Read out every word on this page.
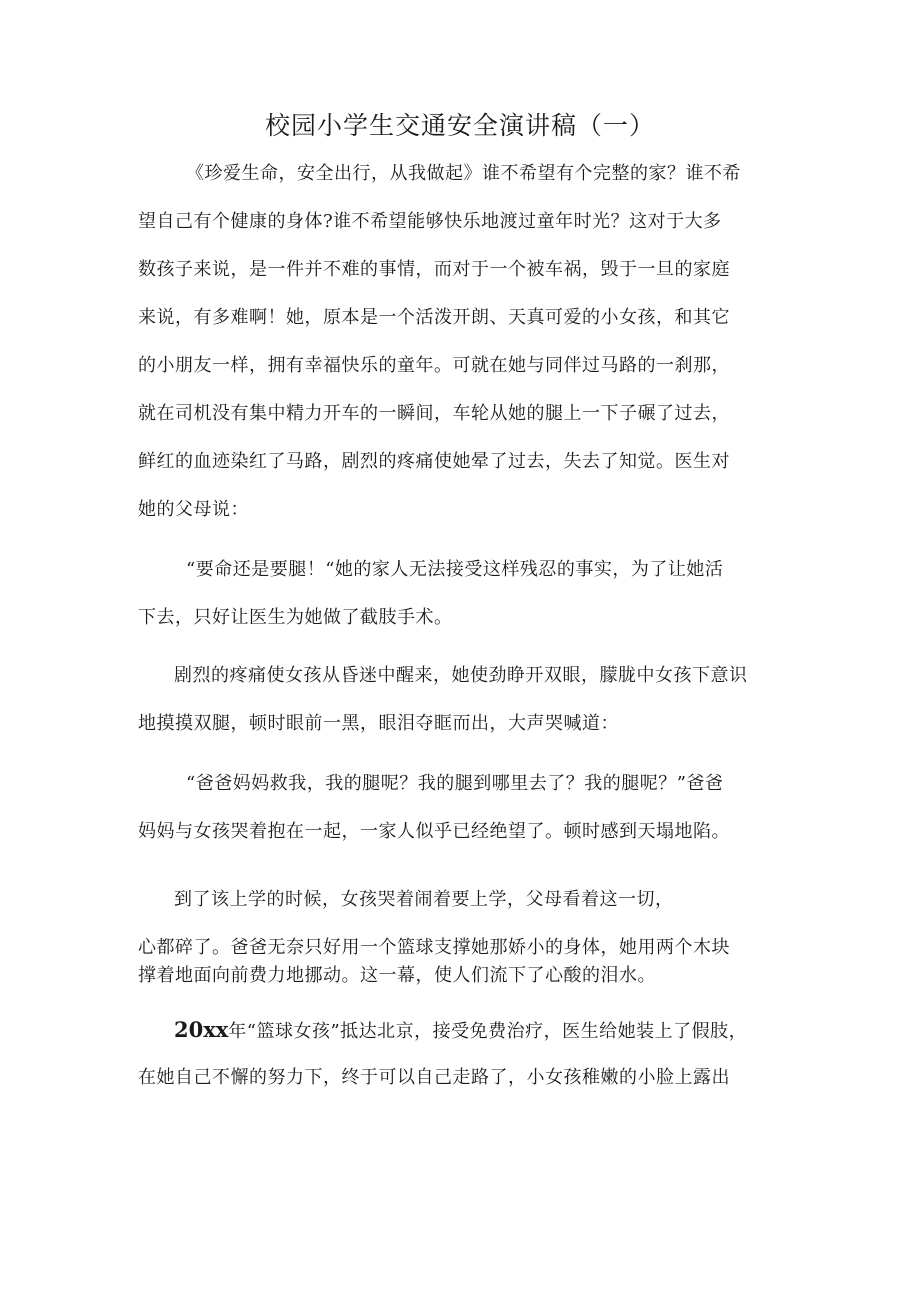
校园小学生交通安全演讲稿（一）
《珍爱生命，安全出行，从我做起》谁不希望有个完整的家？谁不希
望自己有个健康的身体?谁不希望能够快乐地渡过童年时光？这对于大多
数孩子来说，是一件并不难的事情，而对于一个被车祸，毁于一旦的家庭
来说，有多难啊！她，原本是一个活泼开朗、天真可爱的小女孩，和其它
的小朋友一样，拥有幸福快乐的童年。可就在她与同伴过马路的一刹那，
就在司机没有集中精力开车的一瞬间，车轮从她的腿上一下子碾了过去，
鲜红的血迹染红了马路，剧烈的疼痛使她晕了过去，失去了知觉。医生对
她的父母说：
“要命还是要腿！“她的家人无法接受这样残忍的事实，为了让她活
下去，只好让医生为她做了截肢手术。
剧烈的疼痛使女孩从昏迷中醒来，她使劲睁开双眼，朦胧中女孩下意识
地摸摸双腿，顿时眼前一黑，眼泪夺眶而出，大声哭喊道：
“爸爸妈妈救我，我的腿呢？我的腿到哪里去了？我的腿呢？”爸爸
妈妈与女孩哭着抱在一起，一家人似乎已经绝望了。顿时感到天塌地陷。
到了该上学的时候，女孩哭着闹着要上学，父母看着这一切，
心都碎了。爸爸无奈只好用一个篮球支撑她那娇小的身体，她用两个木块
撑着地面向前费力地挪动。这一幕，使人们流下了心酸的泪水。
20xx年“篮球女孩”抵达北京，接受免费治疗，医生给她装上了假肢，
在她自己不懈的努力下，终于可以自己走路了，小女孩稚嫩的小脸上露出
